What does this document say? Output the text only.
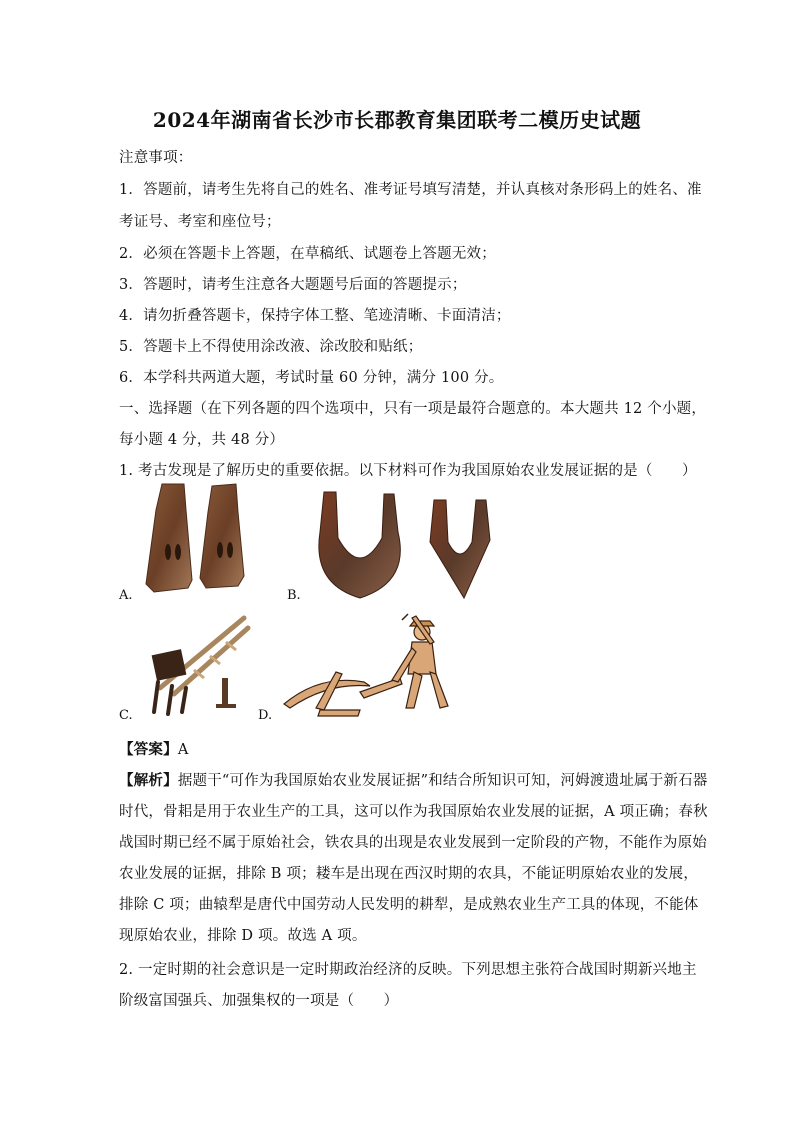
2024年湖南省长沙市长郡教育集团联考二模历史试题
注意事项：
1．答题前，请考生先将自己的姓名、准考证号填写清楚，并认真核对条形码上的姓名、准
考证号、考室和座位号；
2．必须在答题卡上答题，在草稿纸、试题卷上答题无效；
3．答题时，请考生注意各大题题号后面的答题提示；
4．请勿折叠答题卡，保持字体工整、笔迹清晰、卡面清洁；
5．答题卡上不得使用涂改液、涂改胶和贴纸；
6．本学科共两道大题，考试时量 60 分钟，满分 100 分。
一、选择题（在下列各题的四个选项中，只有一项是最符合题意的。本大题共 12 个小题，
每小题 4 分，共 48 分）
1. 考古发现是了解历史的重要依据。以下材料可作为我国原始农业发展证据的是（　　）
A.	B.
C.	D.
【答案】A
【解析】据题干“可作为我国原始农业发展证据”和结合所知识可知，河姆渡遗址属于新石器
时代，骨耜是用于农业生产的工具，这可以作为我国原始农业发展的证据，A 项正确；春秋
战国时期已经不属于原始社会，铁农具的出现是农业发展到一定阶段的产物，不能作为原始
农业发展的证据，排除 B 项；耧车是出现在西汉时期的农具，不能证明原始农业的发展，
排除 C 项；曲辕犁是唐代中国劳动人民发明的耕犁，是成熟农业生产工具的体现，不能体
现原始农业，排除 D 项。故选 A 项。
2. 一定时期的社会意识是一定时期政治经济的反映。下列思想主张符合战国时期新兴地主
阶级富国强兵、加强集权的一项是（　　）
